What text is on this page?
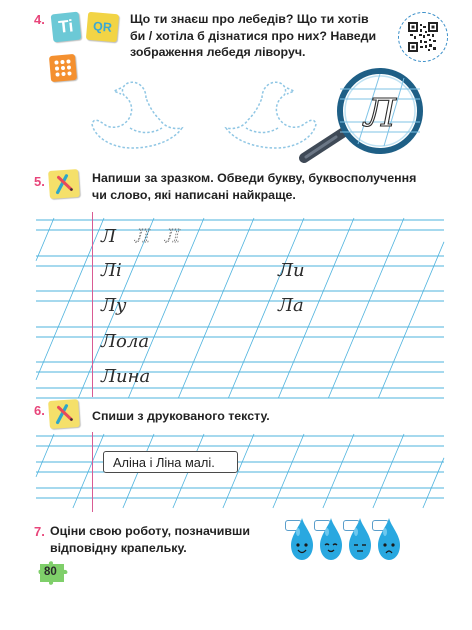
4. Ti QR
Що ти знаєш про лебедів? Що ти хотів
би / хотіла б дізнатися про них? Наведи
зображення лебедя ліворуч.
Л
5.	Напиши за зразком. Обведи букву, буквосполучення
чи слово, які написані найкраще.
Л Л Л
Лі	Ли
Лу	Ла
Лола
Лина
6.	Спиши з друкованого тексту.
Аліна і Ліна малі.
7. Оціни свою роботу, позначивши
відповідну крапельку.
80
